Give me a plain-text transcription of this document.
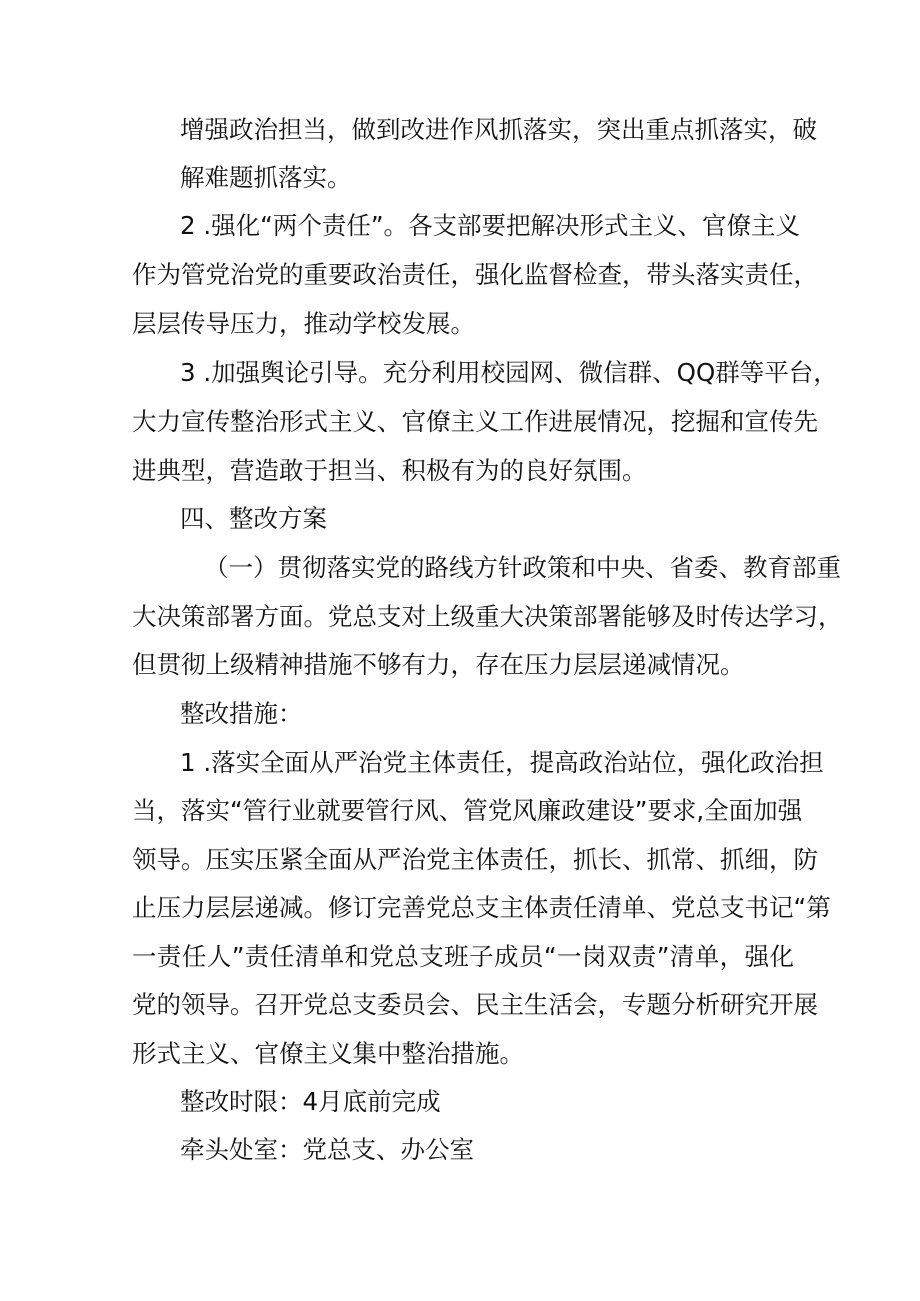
增强政治担当，做到改进作风抓落实，突出重点抓落实，破
解难题抓落实。
2 .强化“两个责任”。各支部要把解决形式主义、官僚主义
作为管党治党的重要政治责任，强化监督检查，带头落实责任，
层层传导压力，推动学校发展。
3 .加强舆论引导。充分利用校园网、微信群、QQ群等平台，
大力宣传整治形式主义、官僚主义工作进展情况，挖掘和宣传先
进典型，营造敢于担当、积极有为的良好氛围。
四、整改方案
（一）贯彻落实党的路线方针政策和中央、省委、教育部重
大决策部署方面。党总支对上级重大决策部署能够及时传达学习，
但贯彻上级精神措施不够有力，存在压力层层递减情况。
整改措施：
1 .落实全面从严治党主体责任，提高政治站位，强化政治担
当，落实“管行业就要管行风、管党风廉政建设”要求,全面加强
领导。压实压紧全面从严治党主体责任，抓长、抓常、抓细，防
止压力层层递减。修订完善党总支主体责任清单、党总支书记“第
一责任人”责任清单和党总支班子成员“一岗双责”清单，强化
党的领导。召开党总支委员会、民主生活会，专题分析研究开展
形式主义、官僚主义集中整治措施。
整改时限：4月底前完成
牵头处室：党总支、办公室
